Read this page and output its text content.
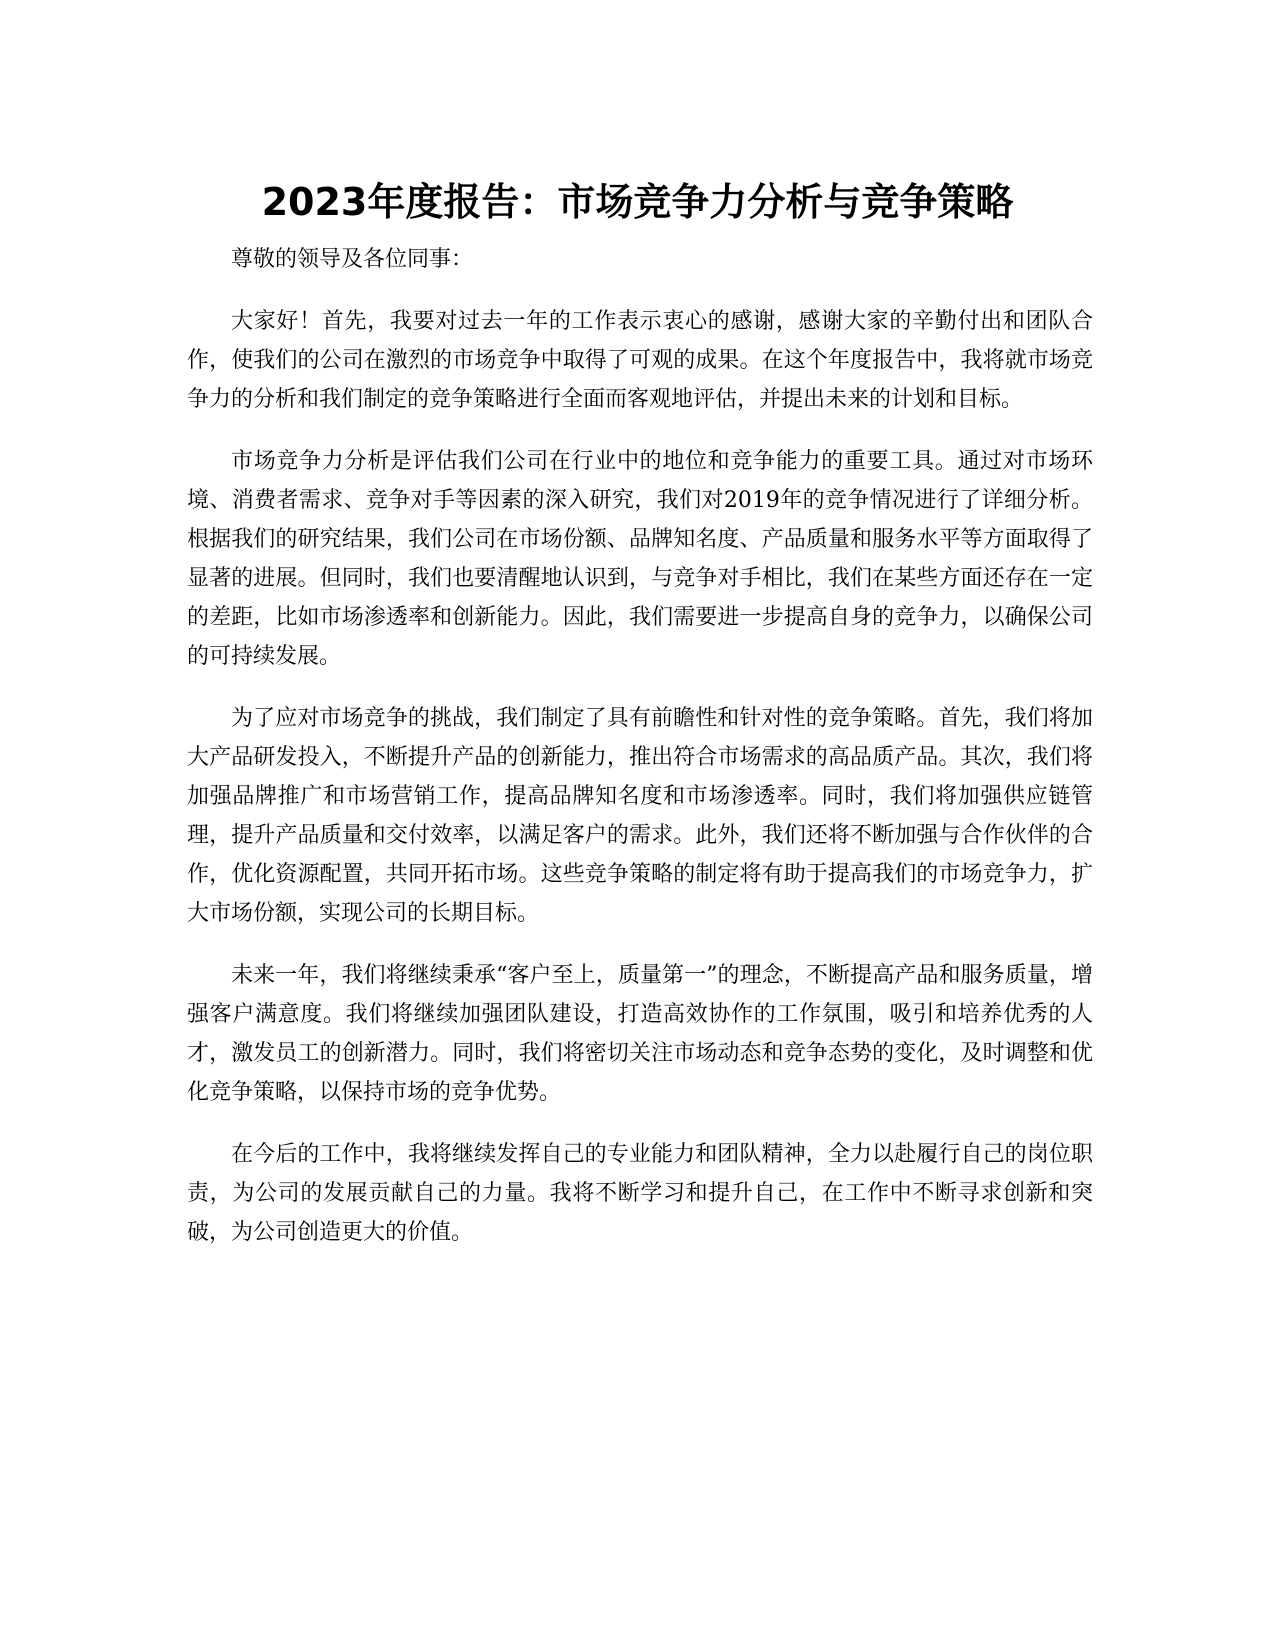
2023年度报告：市场竞争力分析与竞争策略

尊敬的领导及各位同事：

大家好！首先，我要对过去一年的工作表示衷心的感谢，感谢大家的辛勤付出和团队合作，使我们的公司在激烈的市场竞争中取得了可观的成果。在这个年度报告中，我将就市场竞争力的分析和我们制定的竞争策略进行全面而客观地评估，并提出未来的计划和目标。

市场竞争力分析是评估我们公司在行业中的地位和竞争能力的重要工具。通过对市场环境、消费者需求、竞争对手等因素的深入研究，我们对2019年的竞争情况进行了详细分析。根据我们的研究结果，我们公司在市场份额、品牌知名度、产品质量和服务水平等方面取得了显著的进展。但同时，我们也要清醒地认识到，与竞争对手相比，我们在某些方面还存在一定的差距，比如市场渗透率和创新能力。因此，我们需要进一步提高自身的竞争力，以确保公司的可持续发展。

为了应对市场竞争的挑战，我们制定了具有前瞻性和针对性的竞争策略。首先，我们将加大产品研发投入，不断提升产品的创新能力，推出符合市场需求的高品质产品。其次，我们将加强品牌推广和市场营销工作，提高品牌知名度和市场渗透率。同时，我们将加强供应链管理，提升产品质量和交付效率，以满足客户的需求。此外，我们还将不断加强与合作伙伴的合作，优化资源配置，共同开拓市场。这些竞争策略的制定将有助于提高我们的市场竞争力，扩大市场份额，实现公司的长期目标。

未来一年，我们将继续秉承“客户至上，质量第一”的理念，不断提高产品和服务质量，增强客户满意度。我们将继续加强团队建设，打造高效协作的工作氛围，吸引和培养优秀的人才，激发员工的创新潜力。同时，我们将密切关注市场动态和竞争态势的变化，及时调整和优化竞争策略，以保持市场的竞争优势。

在今后的工作中，我将继续发挥自己的专业能力和团队精神，全力以赴履行自己的岗位职责，为公司的发展贡献自己的力量。我将不断学习和提升自己，在工作中不断寻求创新和突破，为公司创造更大的价值。
